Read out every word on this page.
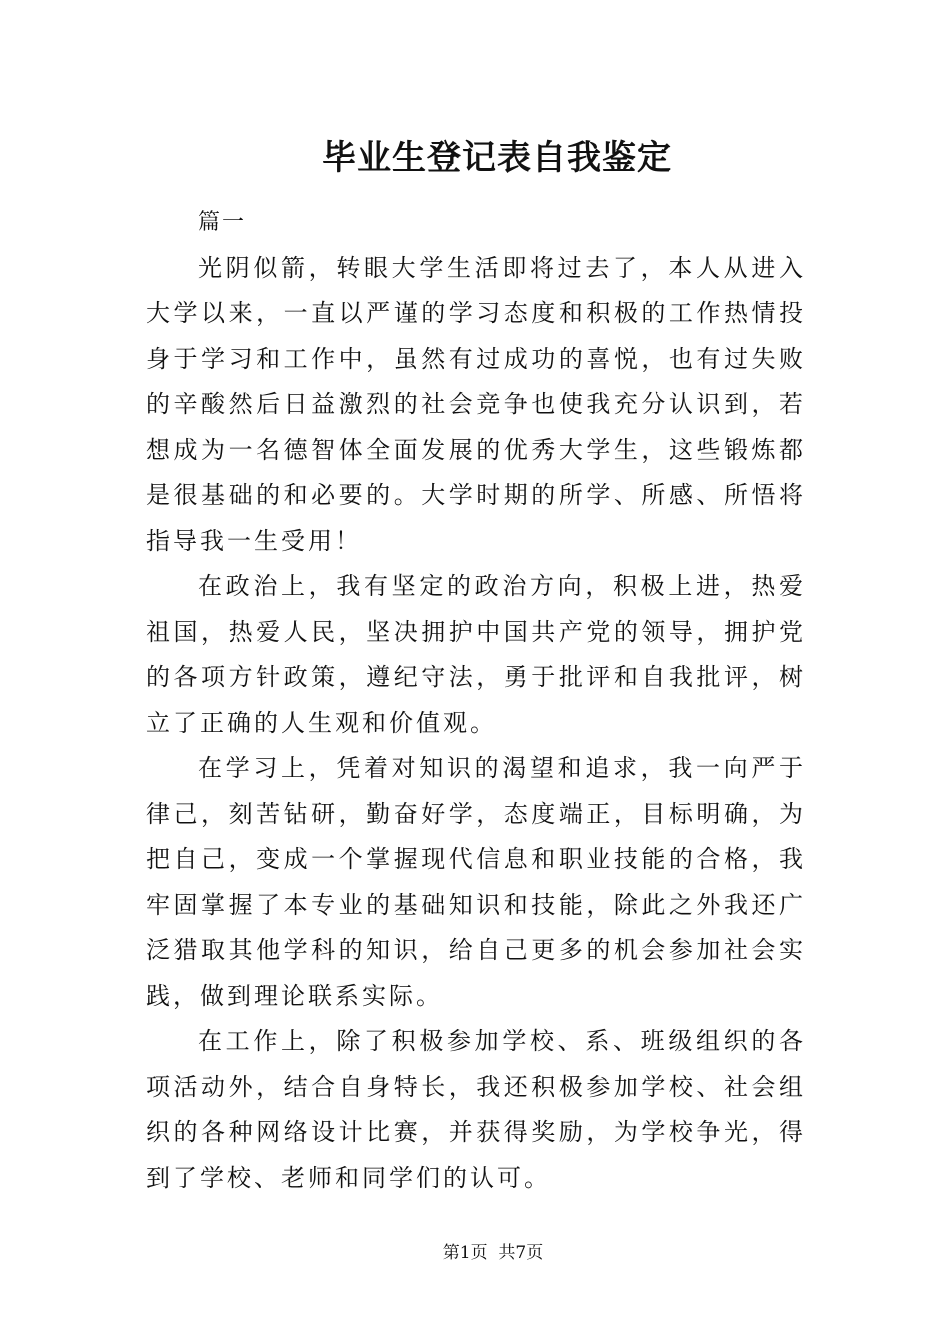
毕业生登记表自我鉴定

篇一

光阴似箭，转眼大学生活即将过去了，本人从进入大学以来，一直以严谨的学习态度和积极的工作热情投身于学习和工作中，虽然有过成功的喜悦，也有过失败的辛酸然后日益激烈的社会竞争也使我充分认识到，若想成为一名德智体全面发展的优秀大学生，这些锻炼都是很基础的和必要的。大学时期的所学、所感、所悟将指导我一生受用！

在政治上，我有坚定的政治方向，积极上进，热爱祖国，热爱人民，坚决拥护中国共产党的领导，拥护党的各项方针政策，遵纪守法，勇于批评和自我批评，树立了正确的人生观和价值观。

在学习上，凭着对知识的渴望和追求，我一向严于律己，刻苦钻研，勤奋好学，态度端正，目标明确，为把自己，变成一个掌握现代信息和职业技能的合格，我牢固掌握了本专业的基础知识和技能，除此之外我还广泛猎取其他学科的知识，给自己更多的机会参加社会实践，做到理论联系实际。

在工作上，除了积极参加学校、系、班级组织的各项活动外，结合自身特长，我还积极参加学校、社会组织的各种网络设计比赛，并获得奖励，为学校争光，得到了学校、老师和同学们的认可。

第1页  共7页
